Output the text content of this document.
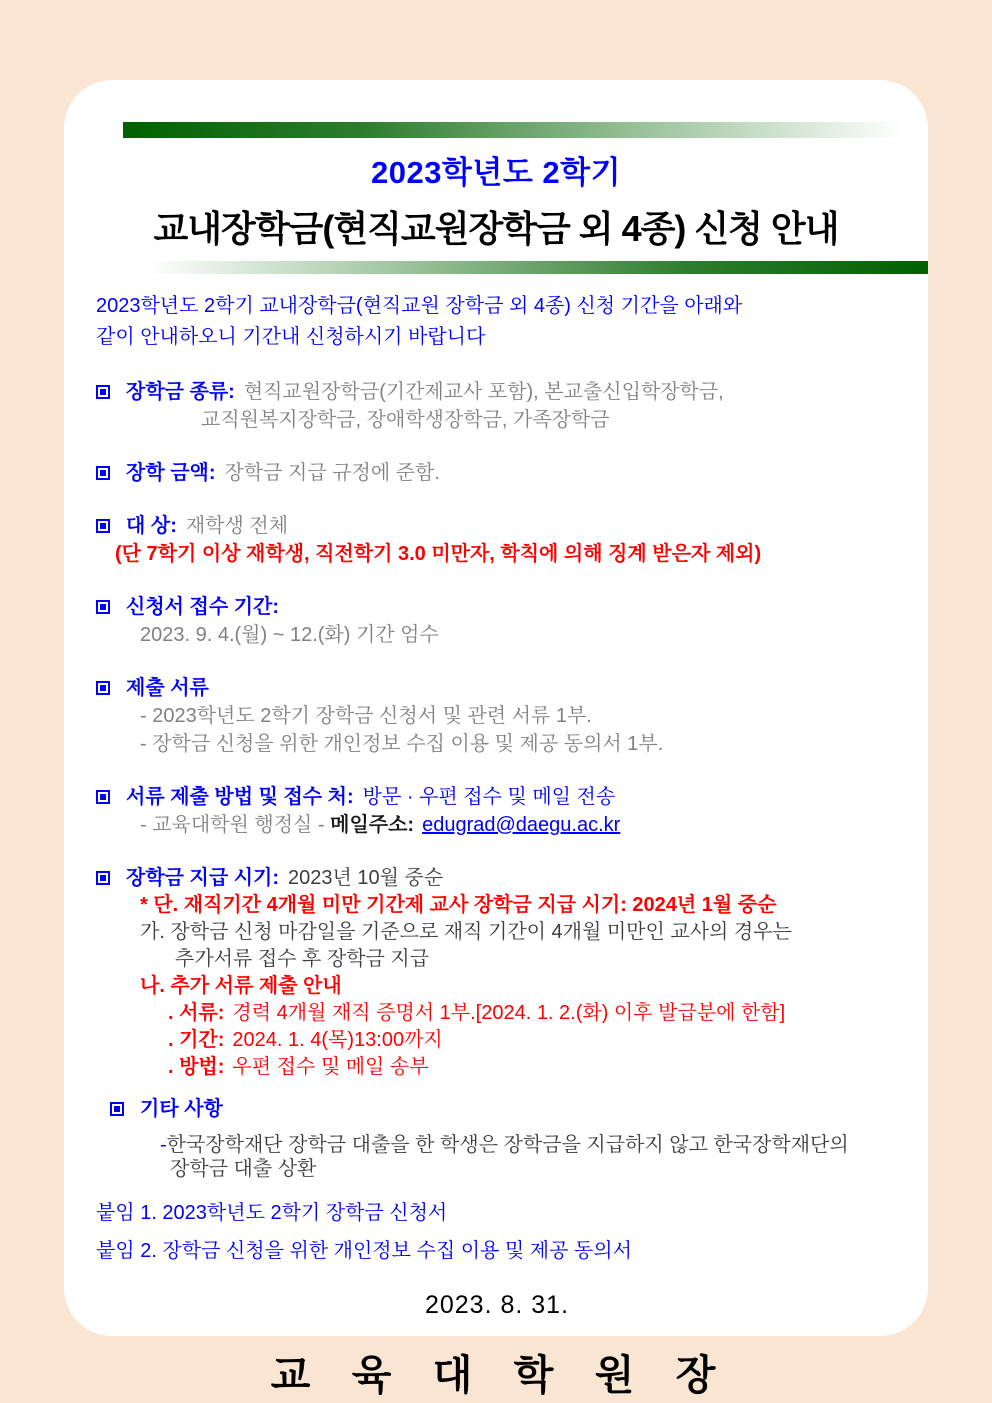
2023학년도 2학기
교내장학금(현직교원장학금 외 4종) 신청 안내
2023학년도 2학기 교내장학금(현직교원 장학금 외 4종) 신청 기간을 아래와
같이 안내하오니 기간내 신청하시기 바랍니다
장학금 종류: 현직교원장학금(기간제교사 포함), 본교출신입학장학금,
교직원복지장학금, 장애학생장학금, 가족장학금
장학 금액: 장학금 지급 규정에 준함.
대 상: 재학생 전체
(단 7학기 이상 재학생, 직전학기 3.0 미만자, 학칙에 의해 징계 받은자 제외)
신청서 접수 기간:
2023. 9. 4.(월) ~ 12.(화) 기간 엄수
제출 서류
- 2023학년도 2학기 장학금 신청서 및 관련 서류 1부.
- 장학금 신청을 위한 개인정보 수집 이용 및 제공 동의서 1부.
서류 제출 방법 및 접수 처: 방문 · 우편 접수 및 메일 전송
- 교육대학원 행정실 - 메일주소: edugrad@daegu.ac.kr
장학금 지급 시기: 2023년 10월 중순
* 단. 재직기간 4개월 미만 기간제 교사 장학금 지급 시기: 2024년 1월 중순
가. 장학금 신청 마감일을 기준으로 재직 기간이 4개월 미만인 교사의 경우는
추가서류 접수 후 장학금 지급
나. 추가 서류 제출 안내
. 서류: 경력 4개월 재직 증명서 1부.[2024. 1. 2.(화) 이후 발급분에 한함]
. 기간: 2024. 1. 4(목)13:00까지
. 방법: 우편 접수 및 메일 송부
기타 사항
-한국장학재단 장학금 대출을 한 학생은 장학금을 지급하지 않고 한국장학재단의
장학금 대출 상환
붙임 1. 2023학년도 2학기 장학금 신청서
붙임 2. 장학금 신청을 위한 개인정보 수집 이용 및 제공 동의서
2023. 8. 31.
교 육 대 학 원 장
